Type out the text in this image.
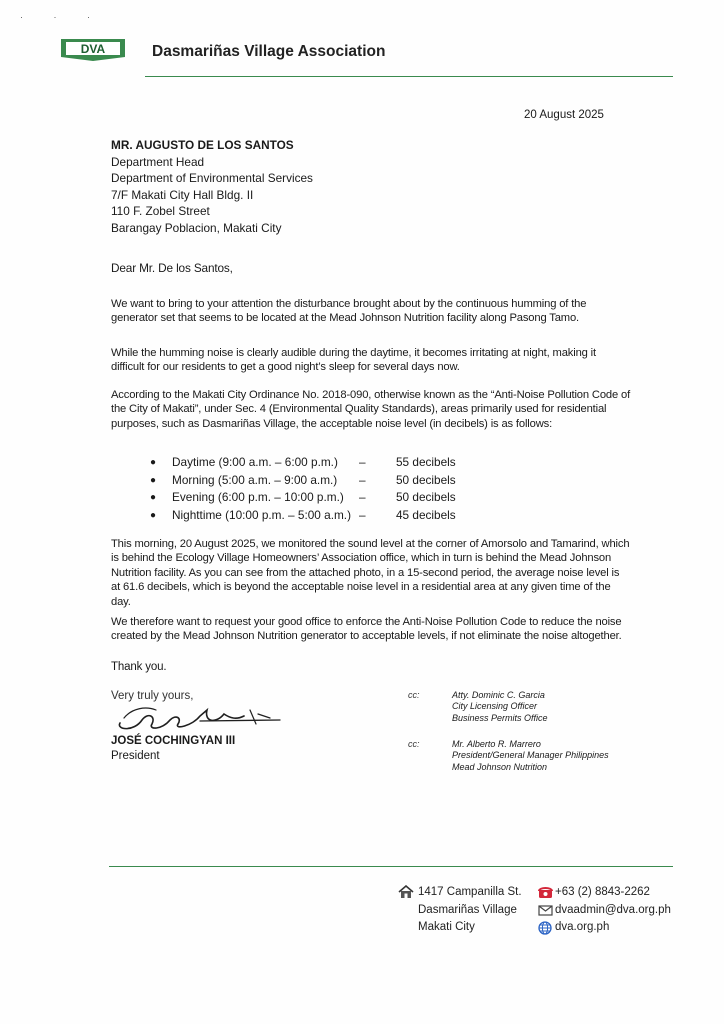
· · ·
DVA	Dasmariñas Village Association
20 August 2025
MR. AUGUSTO DE LOS SANTOS
Department Head
Department of Environmental Services
7/F Makati City Hall Bldg. II
110 F. Zobel Street
Barangay Poblacion, Makati City

Dear Mr. De los Santos,

We want to bring to your attention the disturbance brought about by the continuous humming of the generator set that seems to be located at the Mead Johnson Nutrition facility along Pasong Tamo.

While the humming noise is clearly audible during the daytime, it becomes irritating at night, making it difficult for our residents to get a good night’s sleep for several days now.

According to the Makati City Ordinance No. 2018-090, otherwise known as the “Anti-Noise Pollution Code of the City of Makati”, under Sec. 4 (Environmental Quality Standards), areas primarily used for residential purposes, such as Dasmariñas Village, the acceptable noise level (in decibels) is as follows:

●	Daytime (9:00 a.m. – 6:00 p.m.)	–	55 decibels
●	Morning (5:00 a.m. – 9:00 a.m.)	–	50 decibels
●	Evening (6:00 p.m. – 10:00 p.m.)	–	50 decibels
●	Nighttime (10:00 p.m. – 5:00 a.m.) –	45 decibels

This morning, 20 August 2025, we monitored the sound level at the corner of Amorsolo and Tamarind, which is behind the Ecology Village Homeowners’ Association office, which in turn is behind the Mead Johnson Nutrition facility. As you can see from the attached photo, in a 15-second period, the average noise level is at 61.6 decibels, which is beyond the acceptable noise level in a residential area at any given time of the day.

We therefore want to request your good office to enforce the Anti-Noise Pollution Code to reduce the noise created by the Mead Johnson Nutrition generator to acceptable levels, if not eliminate the noise altogether.

Thank you.

Very truly yours,
JOSÉ COCHINGYAN III
President
cc:	Atty. Dominic C. Garcia
City Licensing Officer
Business Permits Office
cc:	Mr. Alberto R. Marrero
President/General Manager Philippines
Mead Johnson Nutrition
1417 Campanilla St.
Dasmariñas Village
Makati City
+63 (2) 8843-2262
dvaadmin@dva.org.ph
dva.org.ph
